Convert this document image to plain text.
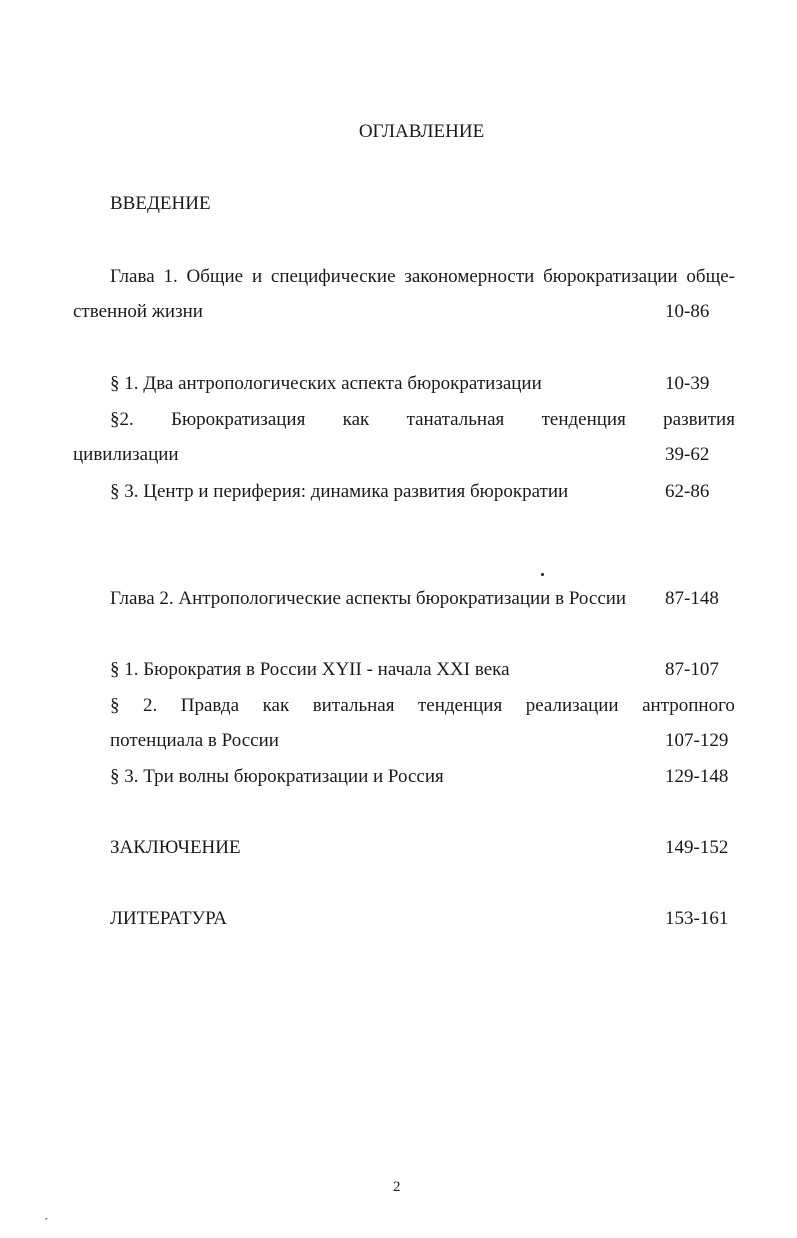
ОГЛАВЛЕНИЕ
ВВЕДЕНИЕ
Глава 1. Общие и специфические закономерности бюрократизации обще-
ственной жизни	10-86
§ 1. Два антропологических аспекта бюрократизации	10-39
§2. Бюрократизация как танатальная тенденция развития
цивилизации	39-62
§ 3. Центр и периферия: динамика развития бюрократии	62-86
Глава 2. Антропологические аспекты бюрократизации в России 87-148
§ 1. Бюрократия в России XYII - начала XXI века	87-107
§ 2. Правда как витальная тенденция реализации антропного
потенциала в России	107-129
§ 3. Три волны бюрократизации и Россия	129-148
ЗАКЛЮЧЕНИЕ	149-152
ЛИТЕРАТУРА	153-161
2
ˊ
